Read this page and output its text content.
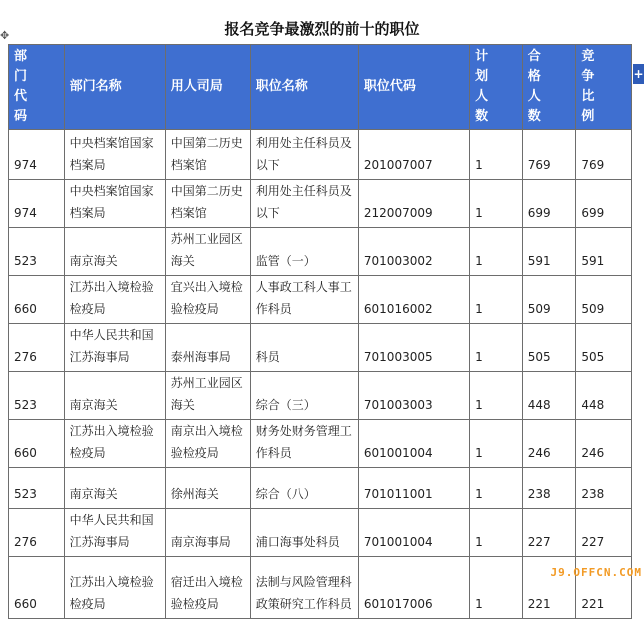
报名竞争最激烈的前十的职位
✥
+
部 门 代码	部门名称	用人司局	职位名称	职位代码	计 划 人数	合 格 人数	竞 争 比例
974	中央档案馆国家档案局	中国第二历史档案馆	利用处主任科员及以下	201007007	1	769	769
974	中央档案馆国家档案局	中国第二历史档案馆	利用处主任科员及以下	212007009	1	699	699
523	南京海关	苏州工业园区海关	监管（一）	701003002	1	591	591
660	江苏出入境检验检疫局	宜兴出入境检验检疫局	人事政工科人事工作科员	601016002	1	509	509
276	中华人民共和国江苏海事局	泰州海事局	科员	701003005	1	505	505
523	南京海关	苏州工业园区海关	综合（三）	701003003	1	448	448
660	江苏出入境检验检疫局	南京出入境检验检疫局	财务处财务管理工作科员	601001004	1	246	246
523	南京海关	徐州海关	综合（八）	701011001	1	238	238
276	中华人民共和国江苏海事局	南京海事局	浦口海事处科员	701001004	1	227	227
660	江苏出入境检验检疫局	宿迁出入境检验检疫局	法制与风险管理科政策研究工作科员	601017006	1	221	221
J9.OFFCN.COM
